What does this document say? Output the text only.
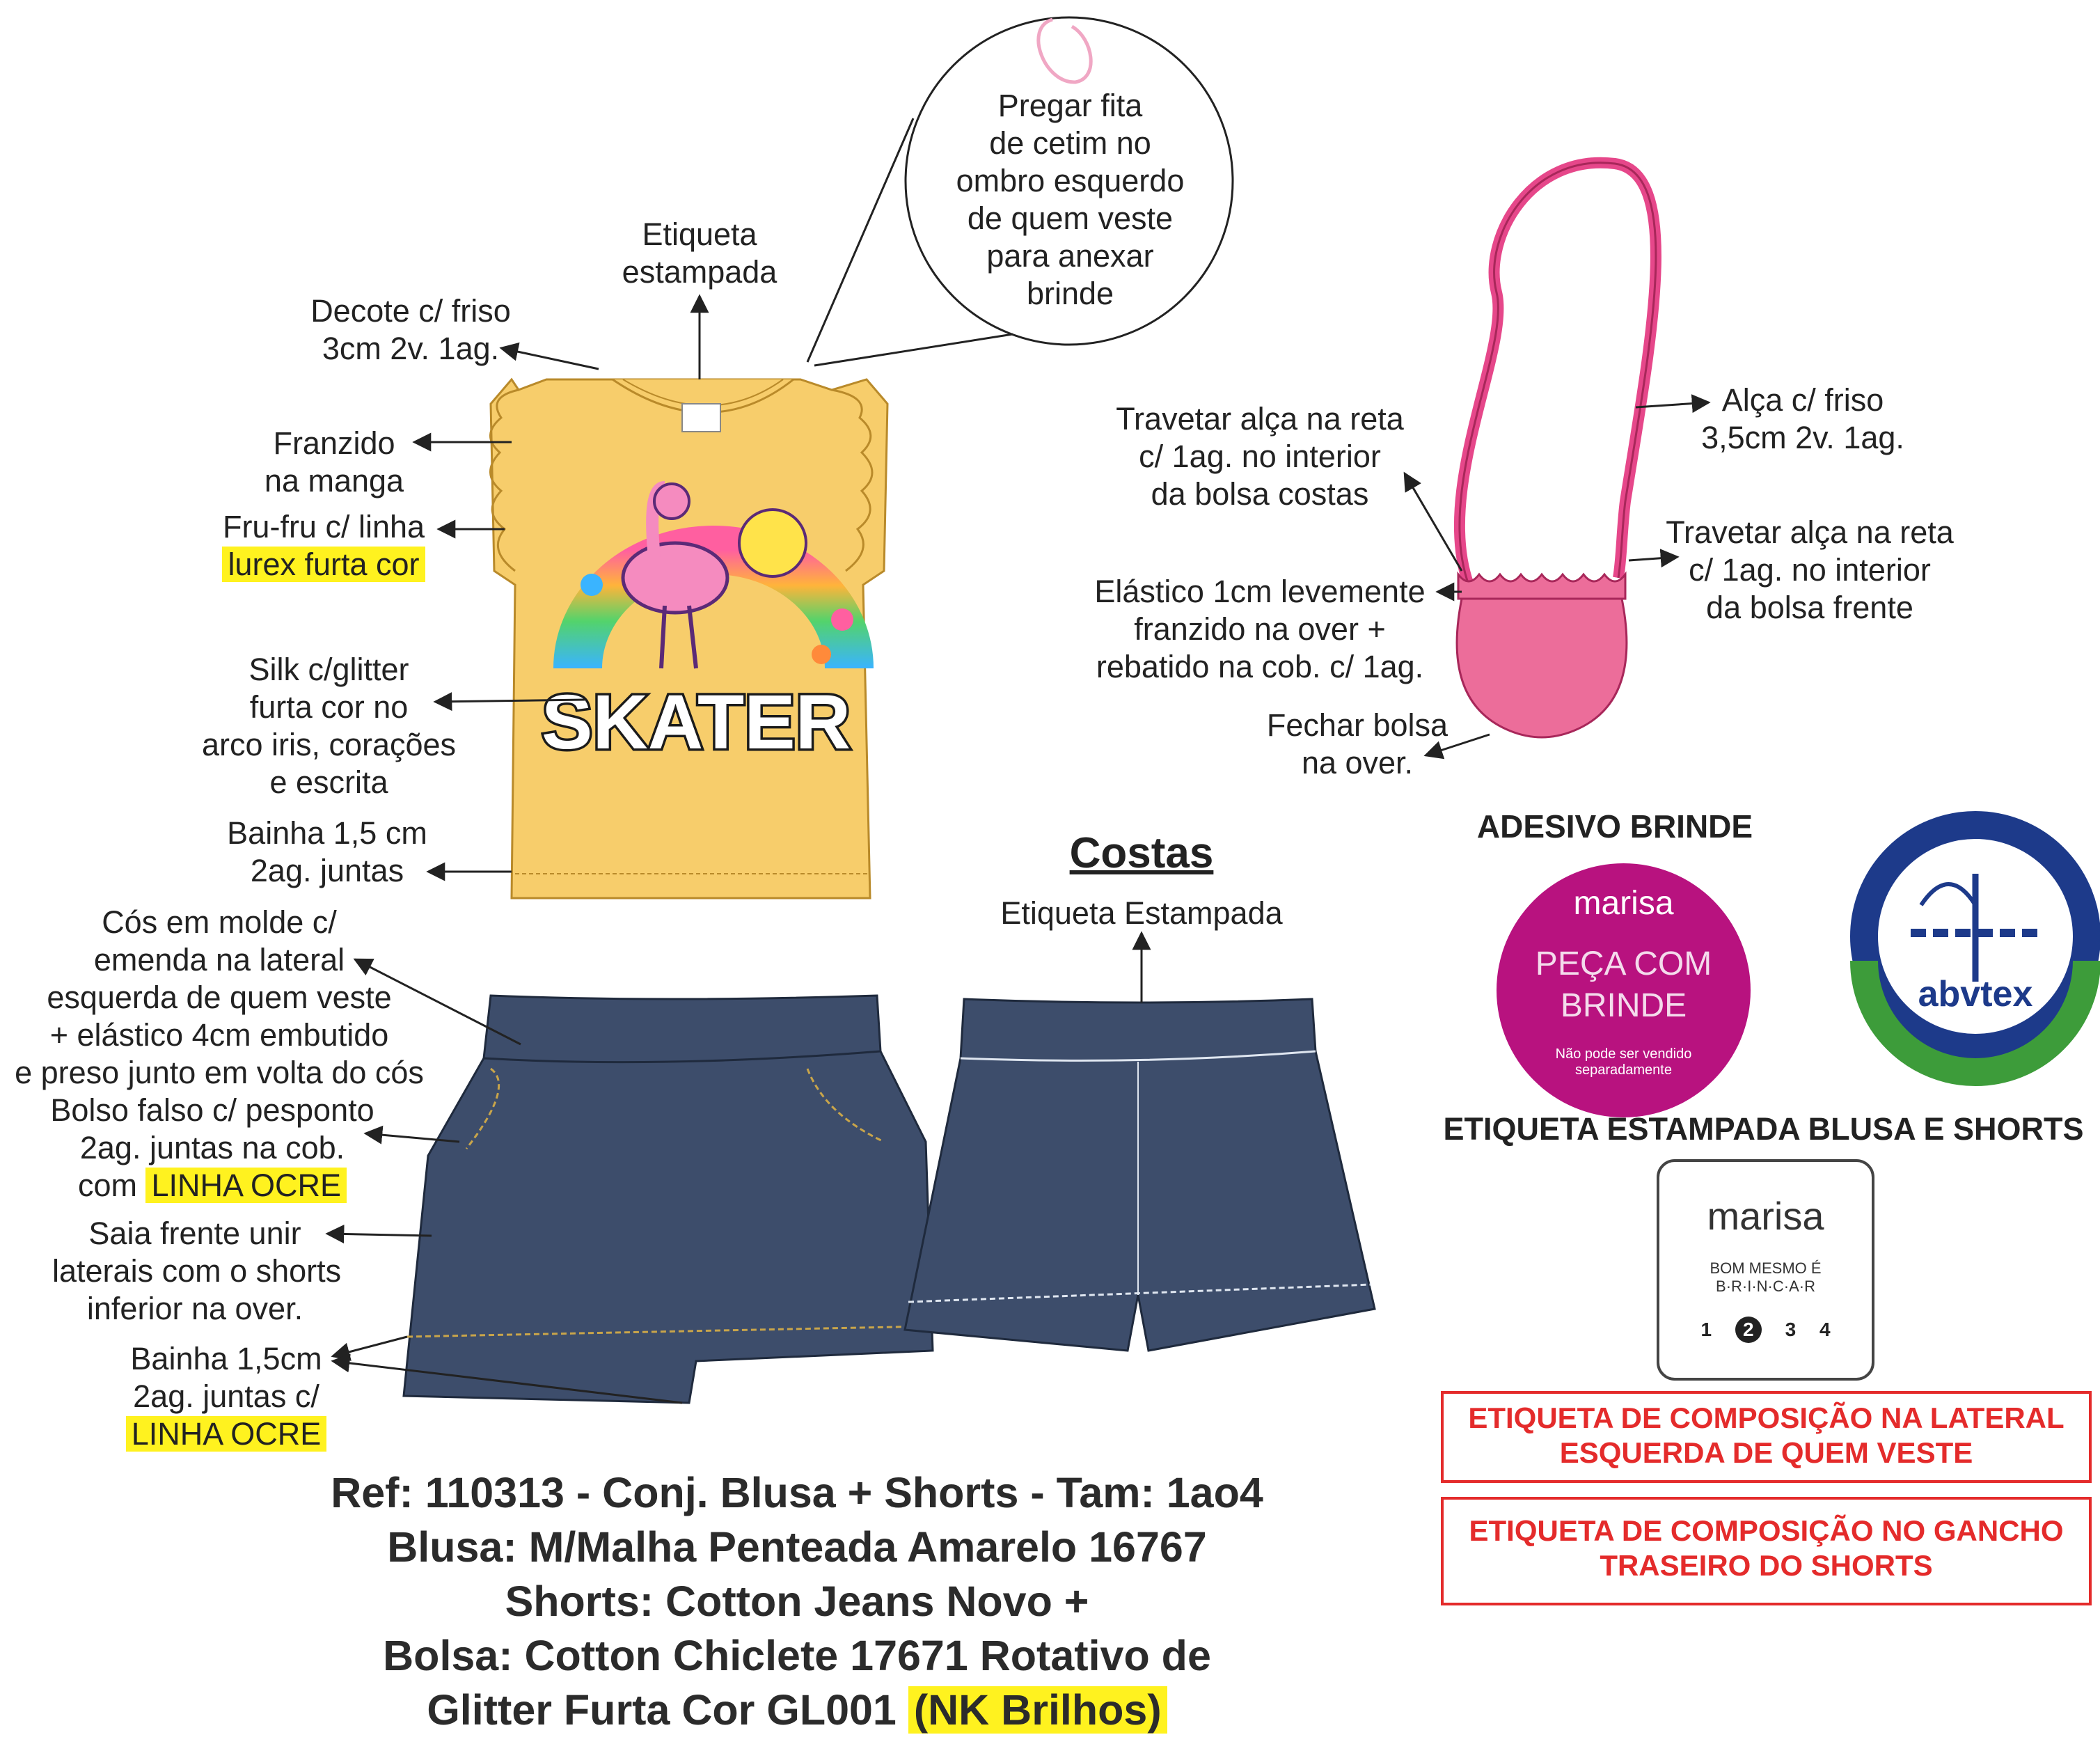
SKATER
abvtex
Pregar fita
de cetim no
ombro esquerdo
de quem veste
para anexar
brinde
Etiqueta
estampada
Decote c/ friso
3cm 2v. 1ag.
Franzido
na manga
Fru-fru c/ linha
lurex furta cor
Silk c/glitter
furta cor no
arco iris, corações
e escrita
Bainha 1,5 cm
2ag. juntas
Cós em molde c/
emenda na lateral
esquerda de quem veste
+ elástico 4cm embutido
e preso junto em volta do cós
Bolso falso c/ pesponto
2ag. juntas na cob.
com LINHA OCRE
Saia frente unir
laterais com o shorts
inferior na over.
Bainha 1,5cm
2ag. juntas c/
LINHA OCRE
Costas
Etiqueta Estampada
Travetar alça na reta
c/ 1ag. no interior
da bolsa costas
Alça c/ friso
3,5cm 2v. 1ag.
Travetar alça na reta
c/ 1ag. no interior
da bolsa frente
Elástico 1cm levemente
franzido na over +
rebatido na cob. c/ 1ag.
Fechar bolsa
na over.
ADESIVO BRINDE
marisa
PEÇA COM
BRINDE
Não pode ser vendido
separadamente
ETIQUETA ESTAMPADA BLUSA E SHORTS
marisa
BOM MESMO É
B·R·I·N·C·A·R
1 2 3 4
ETIQUETA DE COMPOSIÇÃO NA LATERAL
ESQUERDA DE QUEM VESTE
ETIQUETA DE COMPOSIÇÃO NO GANCHO
TRASEIRO DO SHORTS
Ref: 110313 - Conj. Blusa + Shorts - Tam: 1ao4
Blusa: M/Malha Penteada Amarelo 16767
Shorts: Cotton Jeans Novo +
Bolsa: Cotton Chiclete 17671 Rotativo de
Glitter Furta Cor GL001 (NK Brilhos)
